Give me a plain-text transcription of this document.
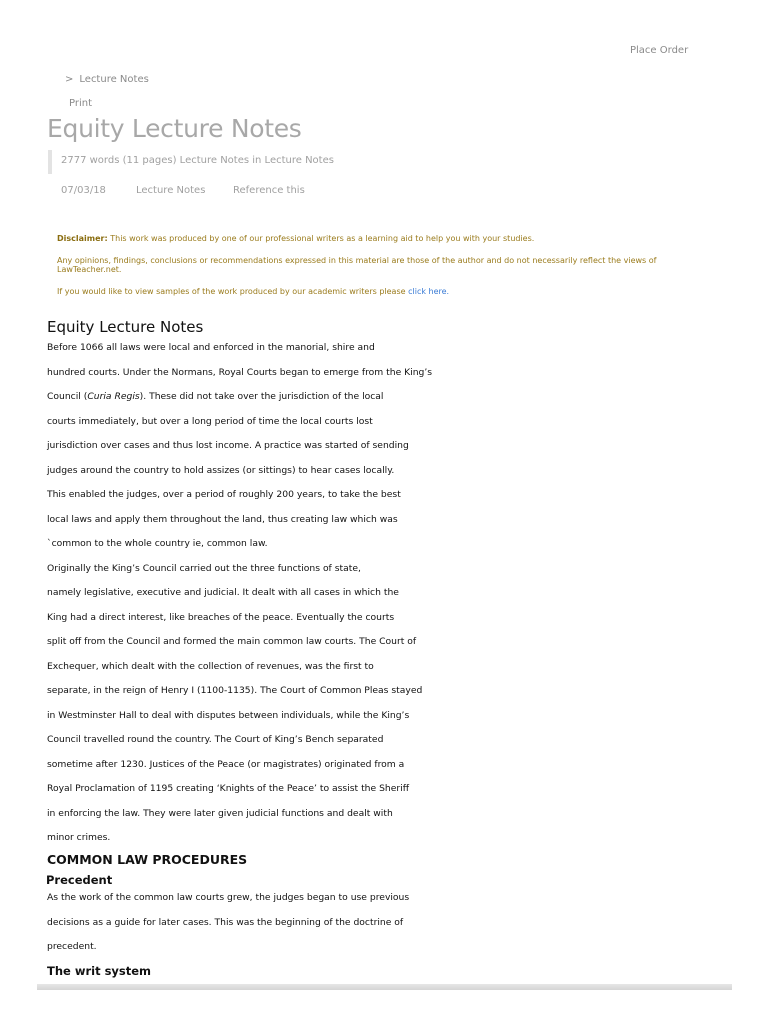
Place Order
> Lecture Notes
Print
Equity Lecture Notes
2777 words (11 pages) Lecture Notes in Lecture Notes
07/03/18	Lecture Notes	Reference this

Disclaimer: This work was produced by one of our professional writers as a learning aid to help you with your studies.

Any opinions, findings, conclusions or recommendations expressed in this material are those of the author and do not necessarily reflect the views of LawTeacher.net.

If you would like to view samples of the work produced by our academic writers please click here.

Equity Lecture Notes
Before 1066 all laws were local and enforced in the manorial, shire and
hundred courts. Under the Normans, Royal Courts began to emerge from the King’s
Council (Curia Regis). These did not take over the jurisdiction of the local
courts immediately, but over a long period of time the local courts lost
jurisdiction over cases and thus lost income. A practice was started of sending
judges around the country to hold assizes (or sittings) to hear cases locally.
This enabled the judges, over a period of roughly 200 years, to take the best
local laws and apply them throughout the land, thus creating law which was
`common to the whole country ie, common law.
Originally the King’s Council carried out the three functions of state,
namely legislative, executive and judicial. It dealt with all cases in which the
King had a direct interest, like breaches of the peace. Eventually the courts
split off from the Council and formed the main common law courts. The Court of
Exchequer, which dealt with the collection of revenues, was the first to
separate, in the reign of Henry I (1100-1135). The Court of Common Pleas stayed
in Westminster Hall to deal with disputes between individuals, while the King’s
Council travelled round the country. The Court of King’s Bench separated
sometime after 1230. Justices of the Peace (or magistrates) originated from a
Royal Proclamation of 1195 creating ‘Knights of the Peace’ to assist the Sheriff
in enforcing the law. They were later given judicial functions and dealt with
minor crimes.
COMMON LAW PROCEDURES
Precedent
As the work of the common law courts grew, the judges began to use previous
decisions as a guide for later cases. This was the beginning of the doctrine of
precedent.
The writ system
